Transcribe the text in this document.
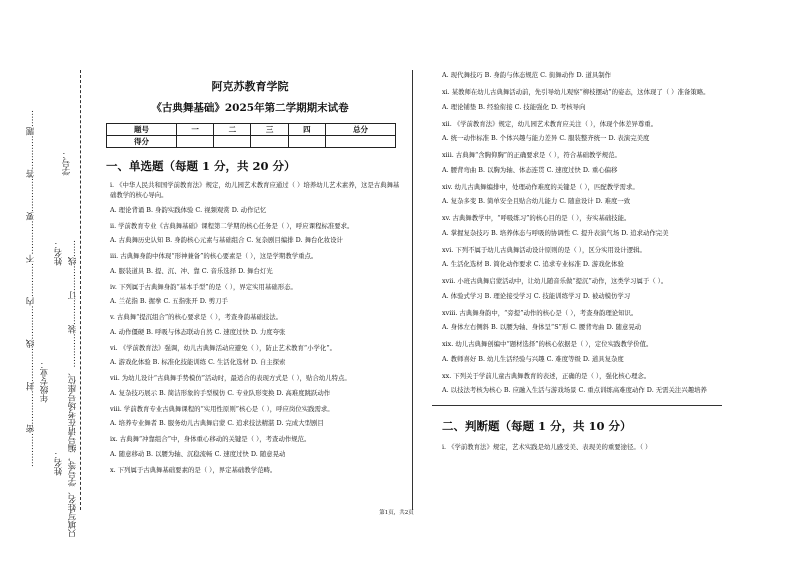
姓名：
年级专业：
姓名：
学号：
只填写姓名、学号等，编号请在考场号座位、…………装………订………线……
…………密…………封…………线…………内…………不…………要…………答…………题……
阿克苏教育学院
《古典舞基础》2025年第二学期期末试卷
题号	一	二	三	四	总分
得分					
一、单选题（每题 1 分，共 20 分）
i. 《中华人民共和国学前教育法》规定，幼儿园艺术教育应通过（ ）培养幼儿艺术素养，这是古典舞基础教学的核心导向。
A. 理论背诵 B. 身韵实践体验 C. 视频观赏 D. 动作记忆
ii. 学前教育专业《古典舞基础》课程第二学期的核心任务是（ ），呼应课程标准要求。
A. 古典舞历史认知 B. 身韵核心元素与基础组合 C. 复杂剧目编排 D. 舞台化妆设计
iii. 古典舞身韵中体现“形神兼备”的核心要素是（ ），这是学期教学重点。
A. 服装道具 B. 提、沉、冲、靠 C. 音乐选择 D. 舞台灯光
iv. 下列属于古典舞身韵“基本手型”的是（ ），界定实用基础形态。
A. 兰花指 B. 握拳 C. 五指张开 D. 剪刀手
v. 古典舞“提沉组合”的核心要求是（ ），考查身韵基础技法。
A. 动作僵硬 B. 呼吸与体态联动自然 C. 速度过快 D. 力度夸张
vi. 《学前教育法》强调，幼儿古典舞活动应避免（ ），防止艺术教育“小学化”。
A. 游戏化体验 B. 标准化技能训练 C. 生活化选材 D. 自主探索
vii. 为幼儿设计“古典舞手势模仿”活动时，最适合的表现方式是（ ），贴合幼儿特点。
A. 复杂技巧展示 B. 简洁形象的手型模仿 C. 专业队形变换 D. 高难度跳跃动作
viii. 学前教育专业古典舞课程的“实用性原则”核心是（ ），呼应岗位实践需求。
A. 培养专业舞者 B. 服务幼儿古典舞启蒙 C. 追求技法精湛 D. 完成大型剧目
ix. 古典舞“冲靠组合”中，身体重心移动的关键是（ ），考查动作规范。
A. 随意移动 B. 以腰为轴、沉稳流畅 C. 速度过快 D. 随意晃动
x. 下列属于古典舞基础要素的是（ ），界定基础教学范畴。
A. 现代舞技巧 B. 身韵与体态规范 C. 街舞动作 D. 道具制作
xi. 某教师在幼儿古典舞活动前，先引导幼儿观察“柳枝摆动”的姿态，这体现了（ ）准备策略。
A. 理论铺垫 B. 经验衔接 C. 技能强化 D. 考核导向
xii. 《学前教育法》规定，幼儿园艺术教育应关注（ ），体现个体差异尊重。
A. 统一动作标准 B. 个体兴趣与能力差异 C. 服装整齐统一 D. 表演完美度
xiii. 古典舞“含胸仰胸”的正确要求是（ ），符合基础教学规范。
A. 腰背弯曲 B. 以胸为轴、体态连贯 C. 速度过快 D. 重心偏移
xiv. 幼儿古典舞编排中，处理动作难度的关键是（ ），匹配教学需求。
A. 复杂多变 B. 简单安全且贴合幼儿能力 C. 随意设计 D. 难度一致
xv. 古典舞教学中，“呼吸练习”的核心目的是（ ），夯实基础技能。
A. 掌握复杂技巧 B. 培养体态与呼吸的协调性 C. 提升表演气场 D. 追求动作完美
xvi. 下列不属于幼儿古典舞活动设计原则的是（ ），区分实用设计逻辑。
A. 生活化选材 B. 简化动作要求 C. 追求专业标准 D. 游戏化体验
xvii. 小班古典舞启蒙活动中，让幼儿随音乐做“提沉”动作，这类学习属于（ ）。
A. 体验式学习 B. 理论接受学习 C. 技能训练学习 D. 被动模仿学习
xviii. 古典舞身韵中，“旁提”动作的核心是（ ），考查身韵理论知识。
A. 身体左右侧斜 B. 以腰为轴、身体呈“S”形 C. 腰背弯曲 D. 随意晃动
xix. 幼儿古典舞创编中“题材选择”的核心依据是（ ），定位实践教学价值。
A. 教师喜好 B. 幼儿生活经验与兴趣 C. 难度等级 D. 道具复杂度
xx. 下列关于学前儿童古典舞教育的表述，正确的是（ ），强化核心理念。
A. 以技法考核为核心 B. 应融入生活与游戏场景 C. 重点训练高难度动作 D. 无需关注兴趣培养
二、判断题（每题 1 分，共 10 分）
i. 《学前教育法》规定，艺术实践是幼儿感受美、表现美的重要途径。（ ）
第1页，共2页
